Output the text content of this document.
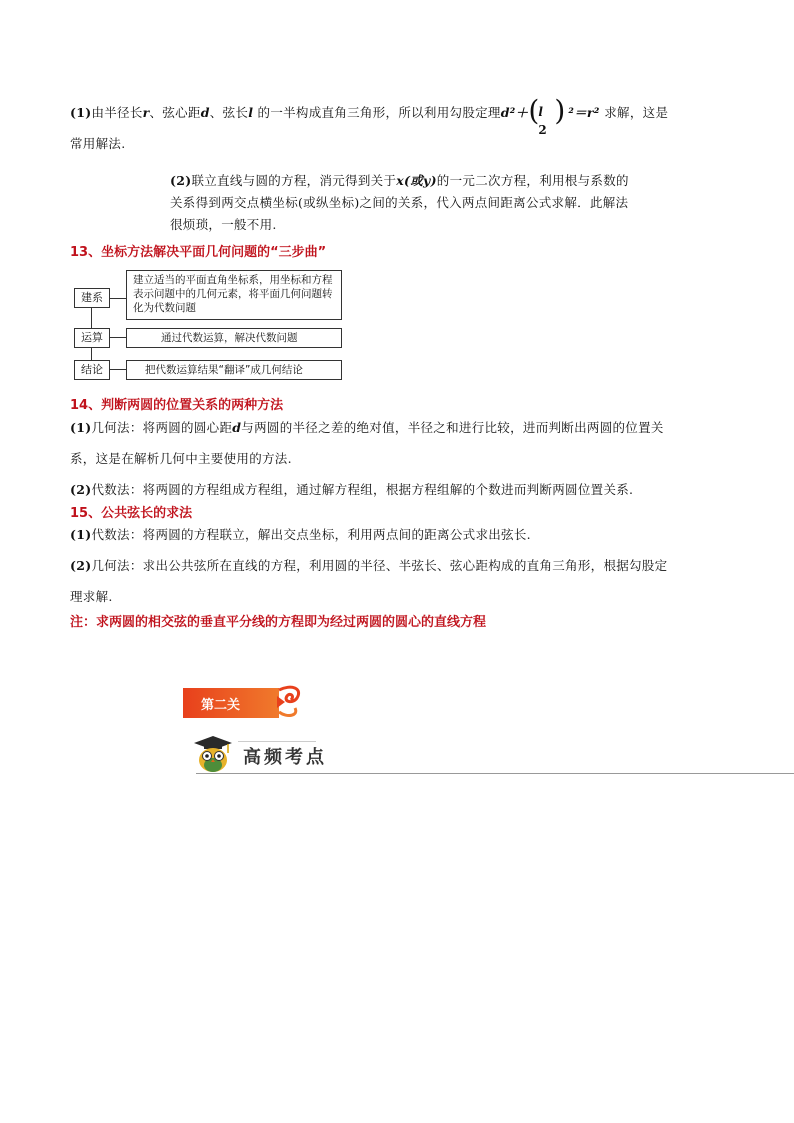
(1)由半径长r、弦心距d、弦长l 的一半构成直角三角形，所以利用勾股定理d²＋ (
l
2
) ²＝r² 求解，这是
常用解法.
(2)联立直线与圆的方程，消元得到关于x(或y)的一元二次方程，利用根与系数的关系得到两交点横坐标(或纵坐标)之间的关系，代入两点间距离公式求解．此解法很烦琐，一般不用.
13、坐标方法解决平面几何问题的“三步曲”
建系
运算
结论
建立适当的平面直角坐标系，用坐标和方程表示问题中的几何元素，将平面几何问题转化为代数问题
通过代数运算，解决代数问题
把代数运算结果“翻译”成几何结论
14、判断两圆的位置关系的两种方法
(1)几何法：将两圆的圆心距d与两圆的半径之差的绝对值，半径之和进行比较，进而判断出两圆的位置关
系，这是在解析几何中主要使用的方法.
(2)代数法：将两圆的方程组成方程组，通过解方程组，根据方程组解的个数进而判断两圆位置关系.
15、公共弦长的求法
(1)代数法：将两圆的方程联立，解出交点坐标，利用两点间的距离公式求出弦长.
(2)几何法：求出公共弦所在直线的方程，利用圆的半径、半弦长、弦心距构成的直角三角形，根据勾股定
理求解.
注：求两圆的相交弦的垂直平分线的方程即为经过两圆的圆心的直线方程
第二关
高频考点
